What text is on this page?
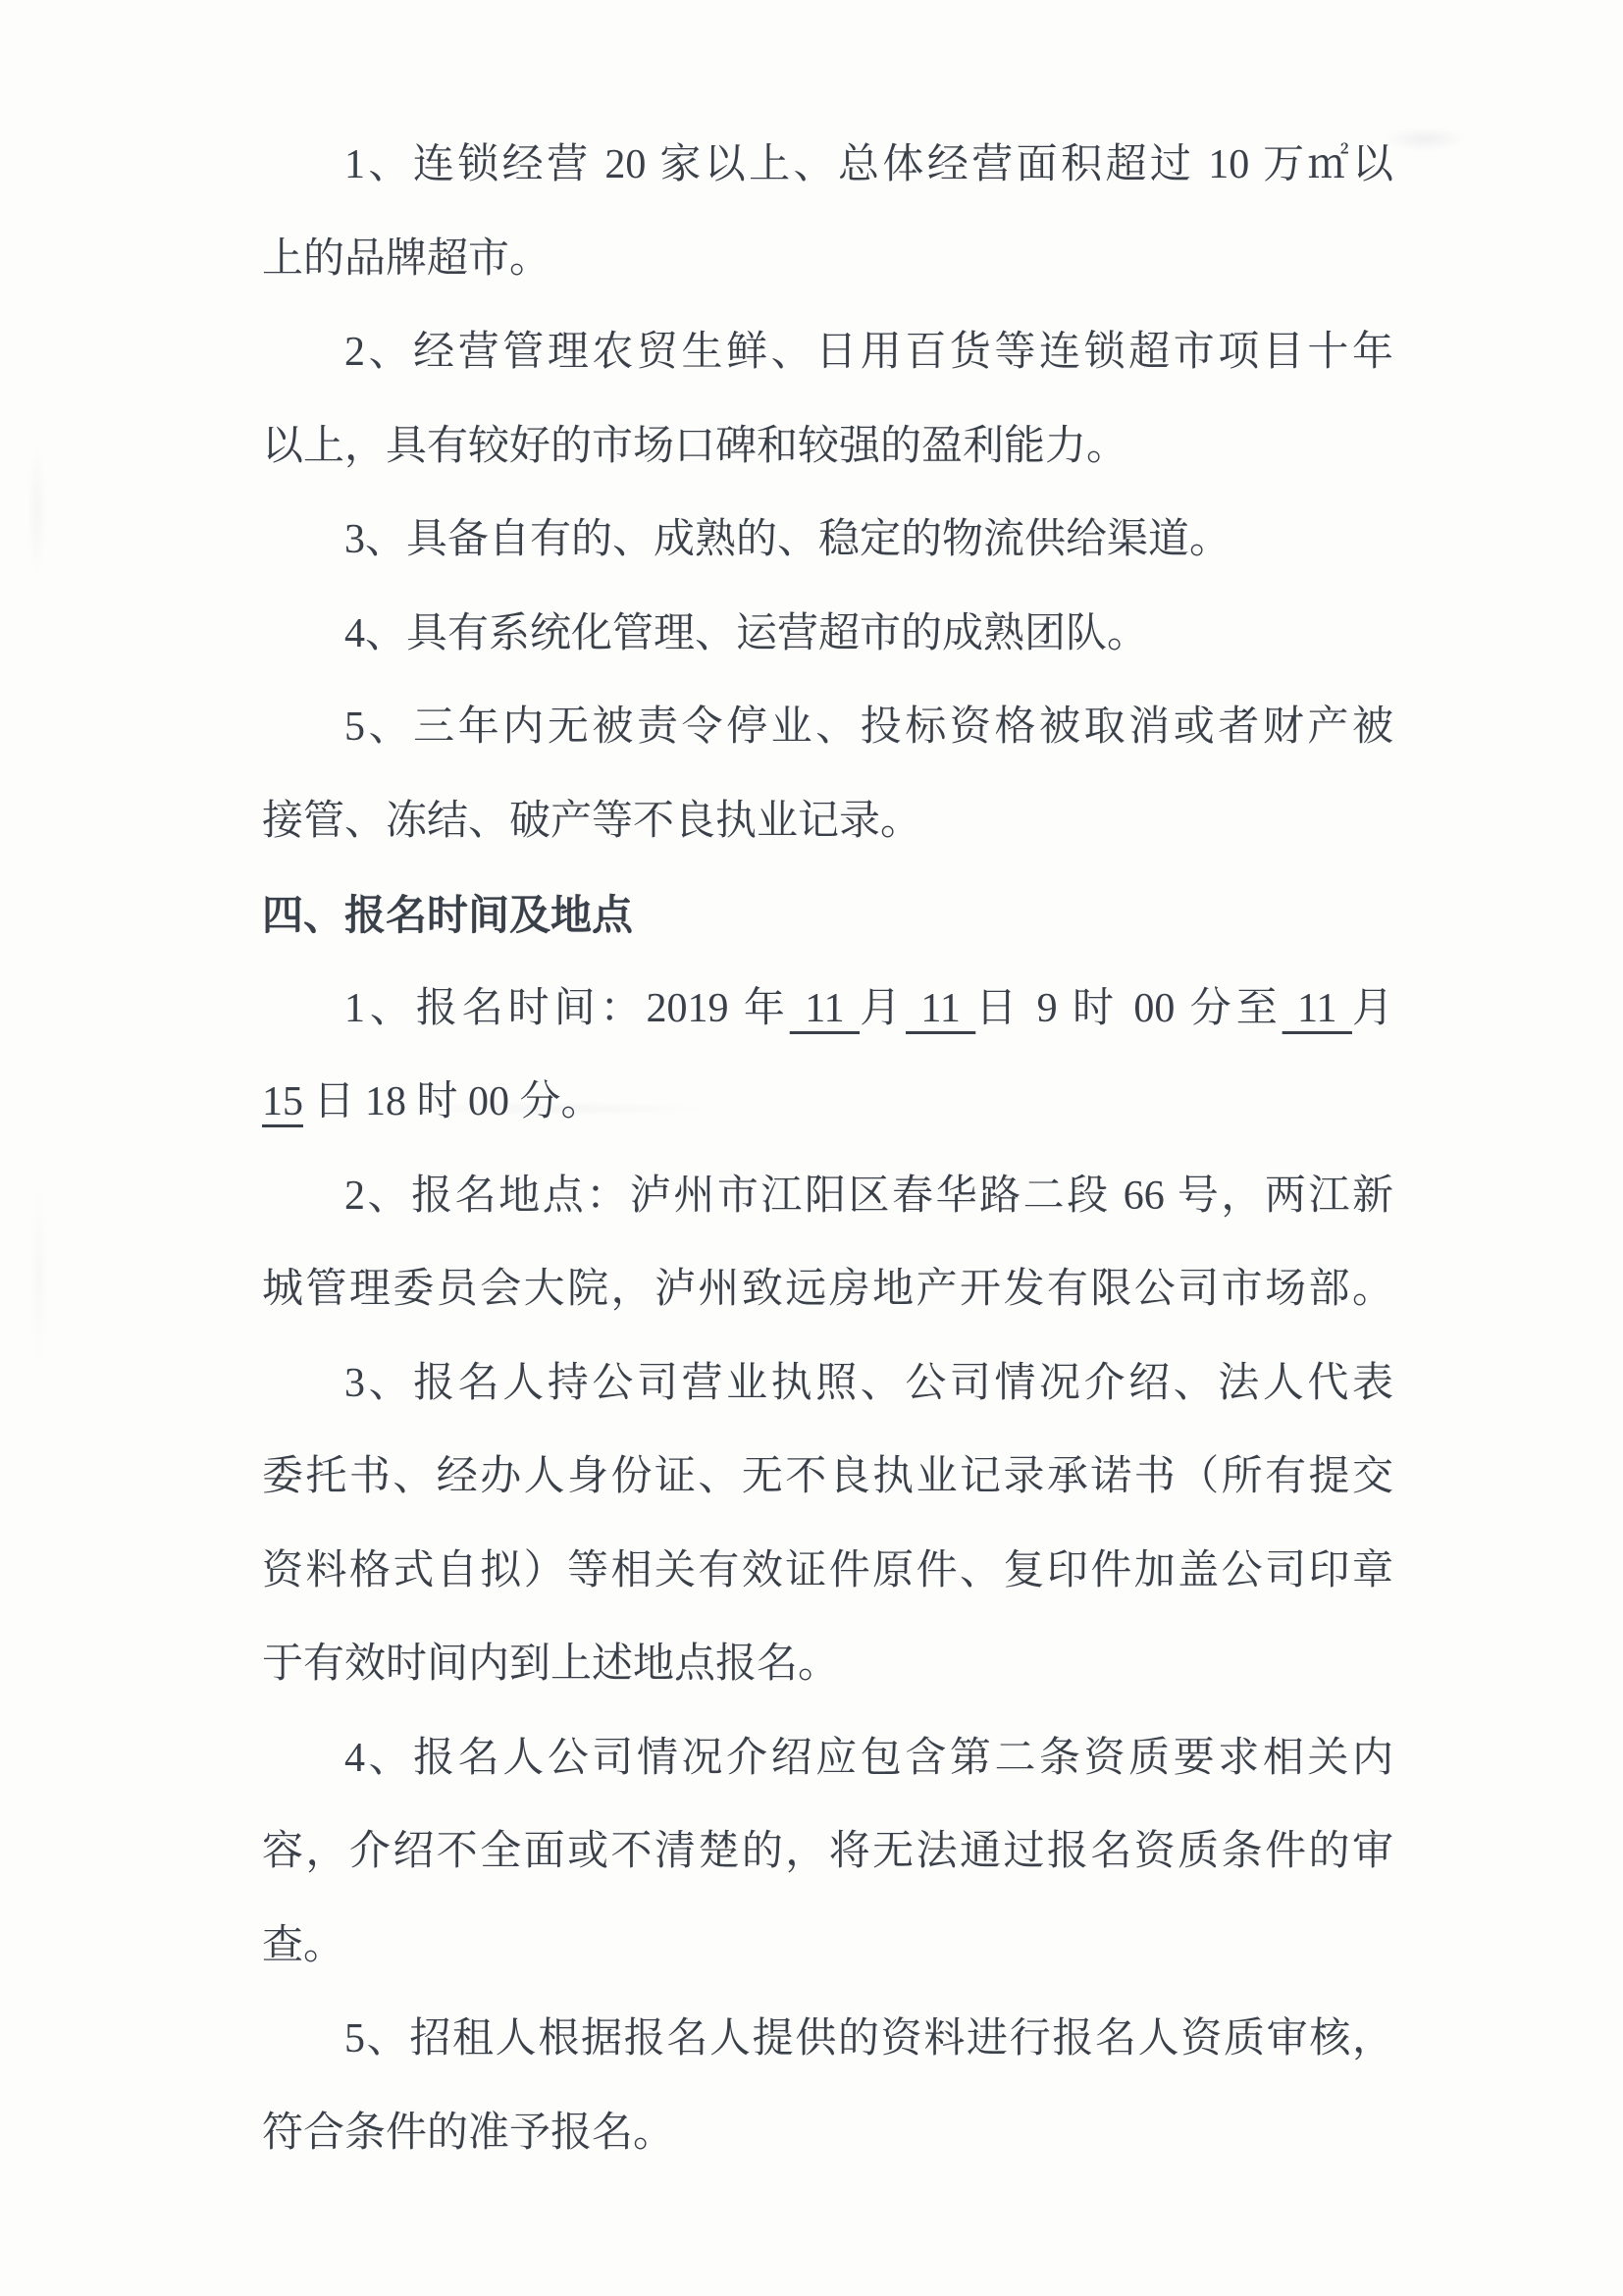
1、连锁经营 20 家以上、总体经营面积超过 10 万㎡以
上的品牌超市。
2、经营管理农贸生鲜、日用百货等连锁超市项目十年
以上，具有较好的市场口碑和较强的盈利能力。
3、具备自有的、成熟的、稳定的物流供给渠道。
4、具有系统化管理、运营超市的成熟团队。
5、三年内无被责令停业、投标资格被取消或者财产被
接管、冻结、破产等不良执业记录。
四、报名时间及地点
1、报名时间：2019 年 11 月 11 日 9 时 00 分至 11 月
15 日 18 时 00 分。
2、报名地点：泸州市江阳区春华路二段 66 号，两江新
城管理委员会大院，泸州致远房地产开发有限公司市场部。
3、报名人持公司营业执照、公司情况介绍、法人代表
委托书、经办人身份证、无不良执业记录承诺书（所有提交
资料格式自拟）等相关有效证件原件、复印件加盖公司印章
于有效时间内到上述地点报名。
4、报名人公司情况介绍应包含第二条资质要求相关内
容，介绍不全面或不清楚的，将无法通过报名资质条件的审
查。
5、招租人根据报名人提供的资料进行报名人资质审核，
符合条件的准予报名。
